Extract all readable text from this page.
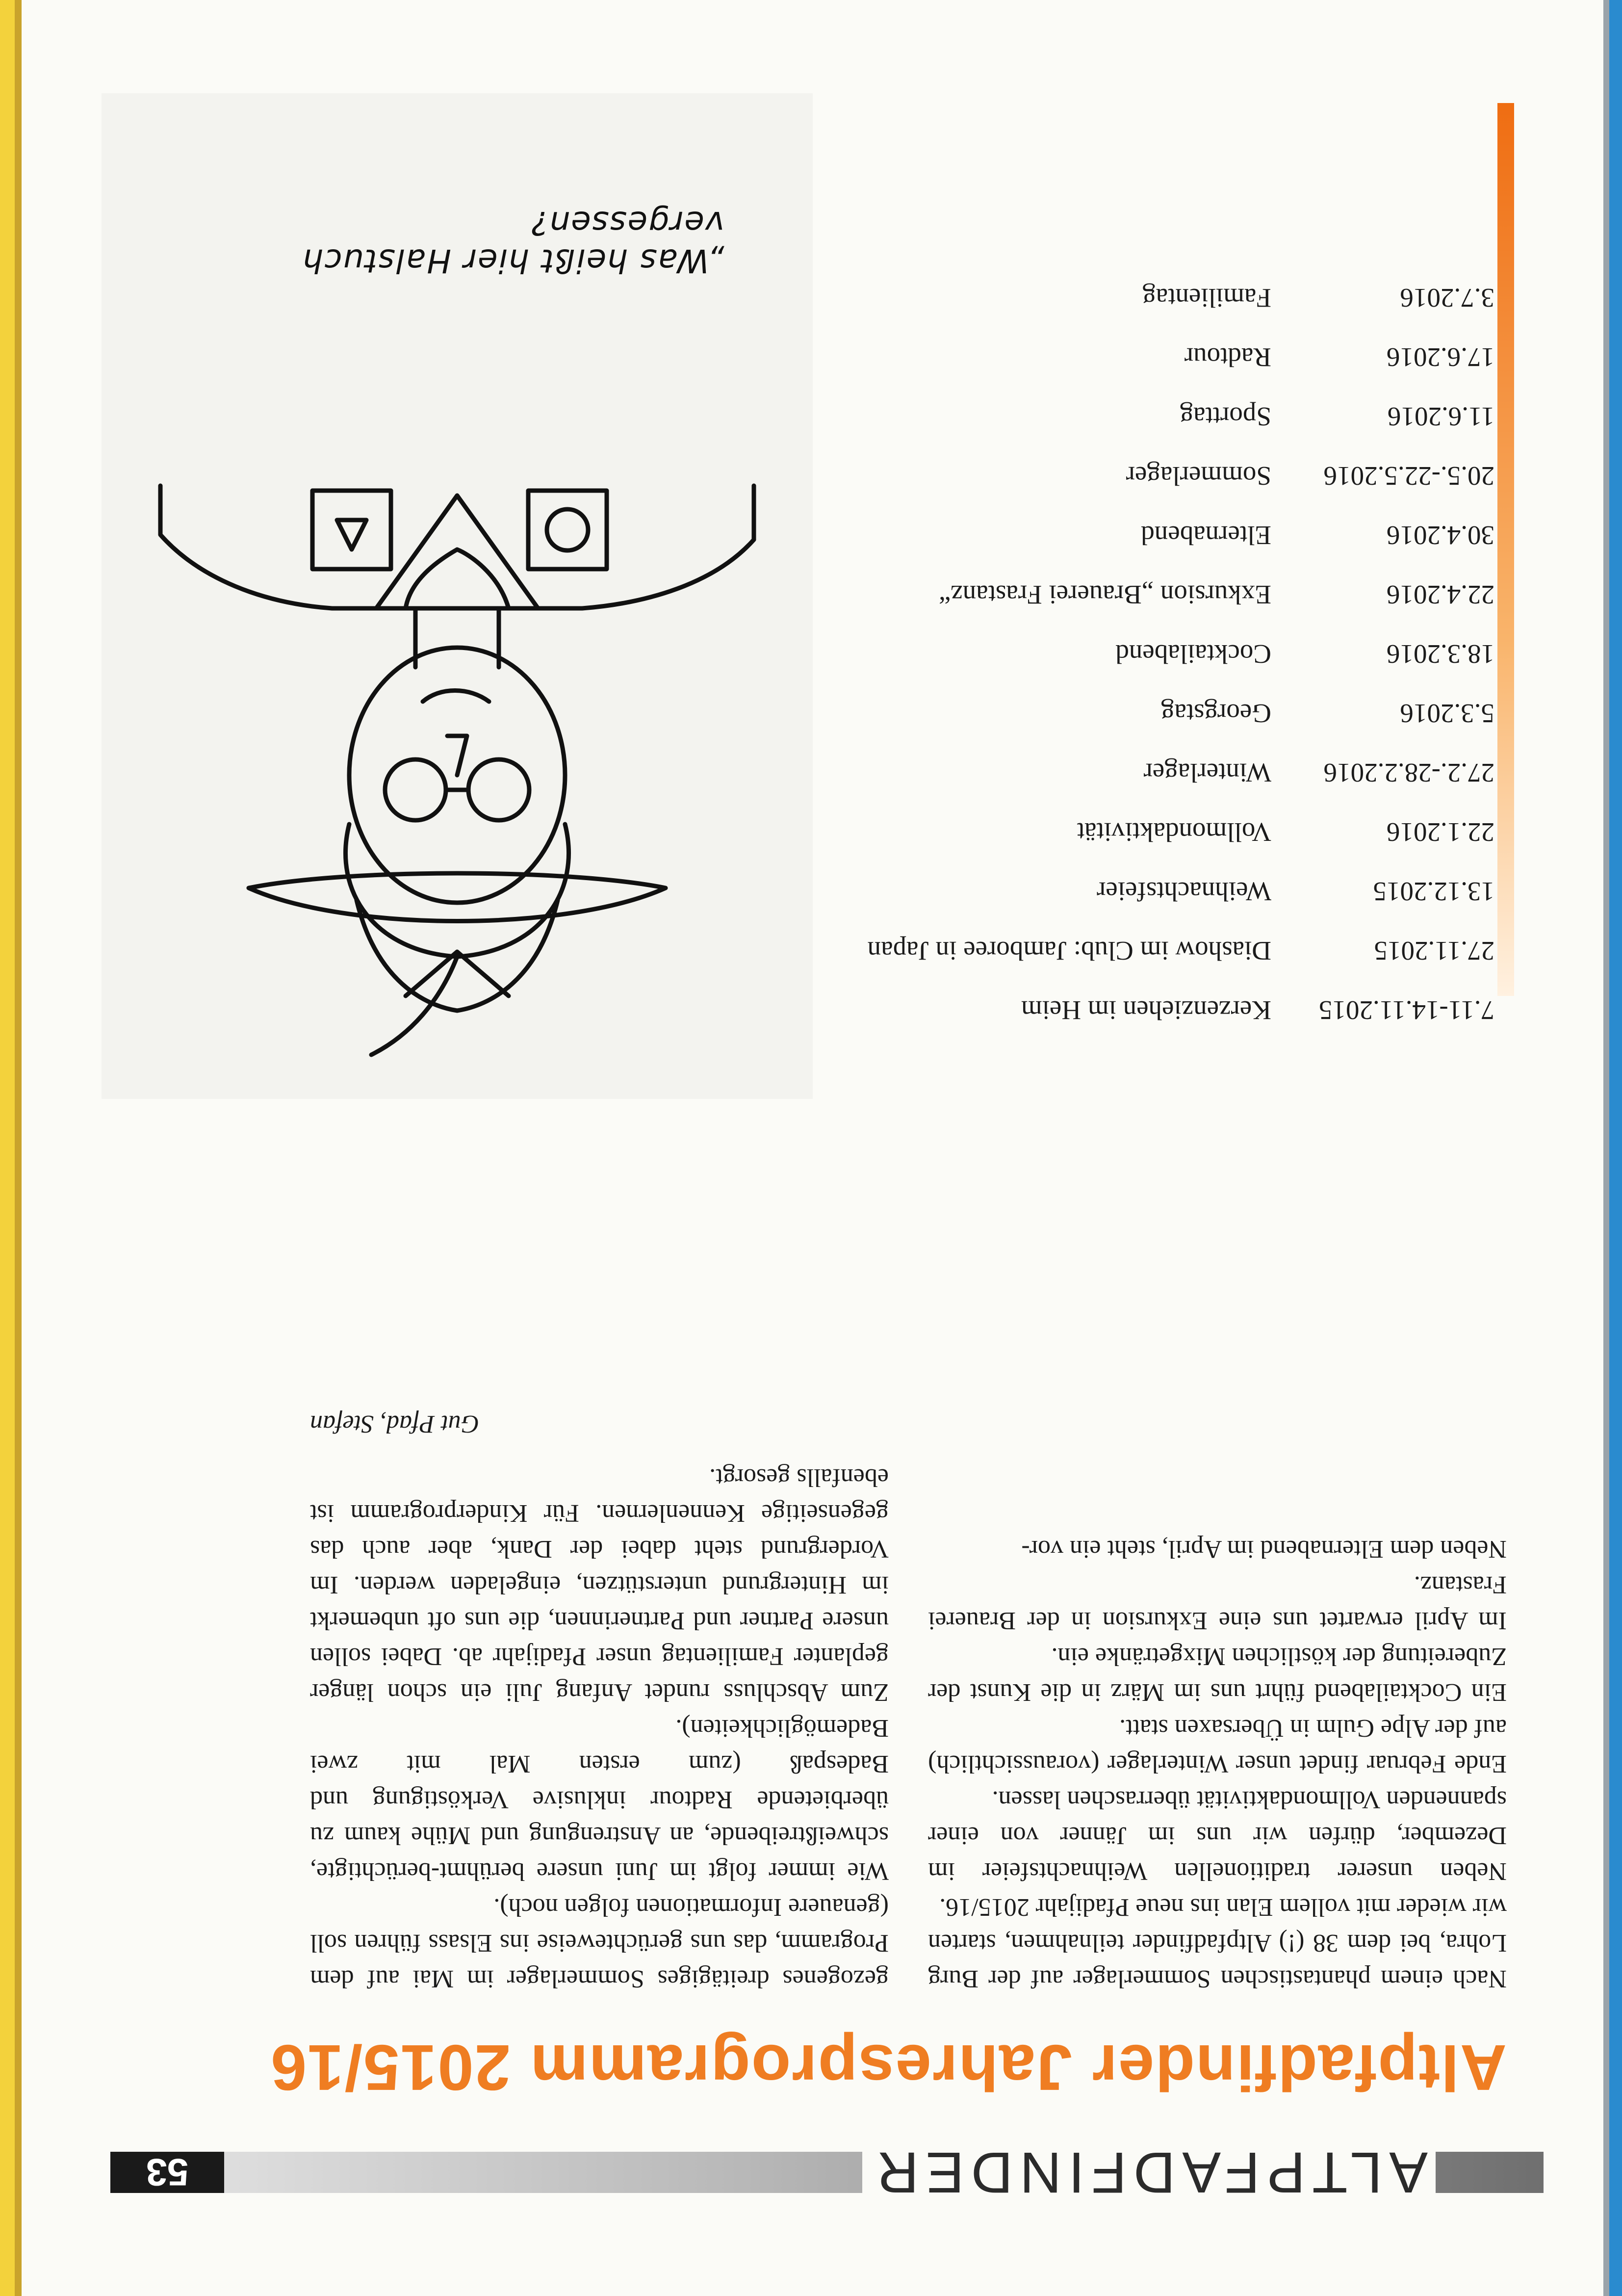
ALTPFADFINDER
53
Altpfadfinder Jahresprogramm 2015/16

Nach einem phantastischen Sommerlager auf der Burg Lohra, bei dem 38 (!) Altpfadfinder teilnahmen, starten wir wieder mit vollem Elan ins neue Pfadijahr 2015/16.

Neben unserer traditionellen Weihnachtsfeier im Dezember, dürfen wir uns im Jänner von einer spannenden Vollmondaktivität überraschen lassen.

Ende Februar findet unser Winterlager (voraussichtlich) auf der Alpe Gulm in Übersaxen statt.

Ein Cocktailabend führt uns im März in die Kunst der Zubereitung der köstlichen Mixgetränke ein.

Im April erwartet uns eine Exkursion in der Brauerei Frastanz.

Neben dem Elternabend im April, steht ein vor-

gezogenes dreitägiges Sommerlager im Mai auf dem Programm, das uns gerüchteweise ins Elsass führen soll (genauere Informationen folgen noch).

Wie immer folgt im Juni unsere berühmt-berüchtigte, schweißtreibende, an Anstrengung und Mühe kaum zu überbietende Radtour inklusive Verköstigung und Badespaß (zum ersten Mal mit zwei Bademöglichkeiten).

Zum Abschluss rundet Anfang Juli ein schon länger geplanter Familientag unser Pfadijahr ab. Dabei sollen unsere Partner und Partnerinnen, die uns oft unbemerkt im Hintergrund unterstützen, eingeladen werden. Im Vordergrund steht dabei der Dank, aber auch das gegenseitige Kennenlernen. Für Kinderprogramm ist ebenfalls gesorgt.

Gut Pfad, Stefan

7.11-14.11.2015
Kerzenziehen im Heim
27.11.2015
Diashow im Club: Jamboree in Japan
13.12.2015
Weihnachtsfeier
22.1.2016
Vollmondaktivität
27.2.-28.2.2016
Winterlager
5.3.2016
Georgstag
18.3.2016
Cocktailabend
22.4.2016
Exkursion „Brauerei Frastanz“
30.4.2016
Elternabend
20.5.-22.5.2016
Sommerlager
11.6.2016
Sporttag
17.6.2016
Radtour
3.7.2016
Familientag
„Was heißt hier Halstuch vergessen?
